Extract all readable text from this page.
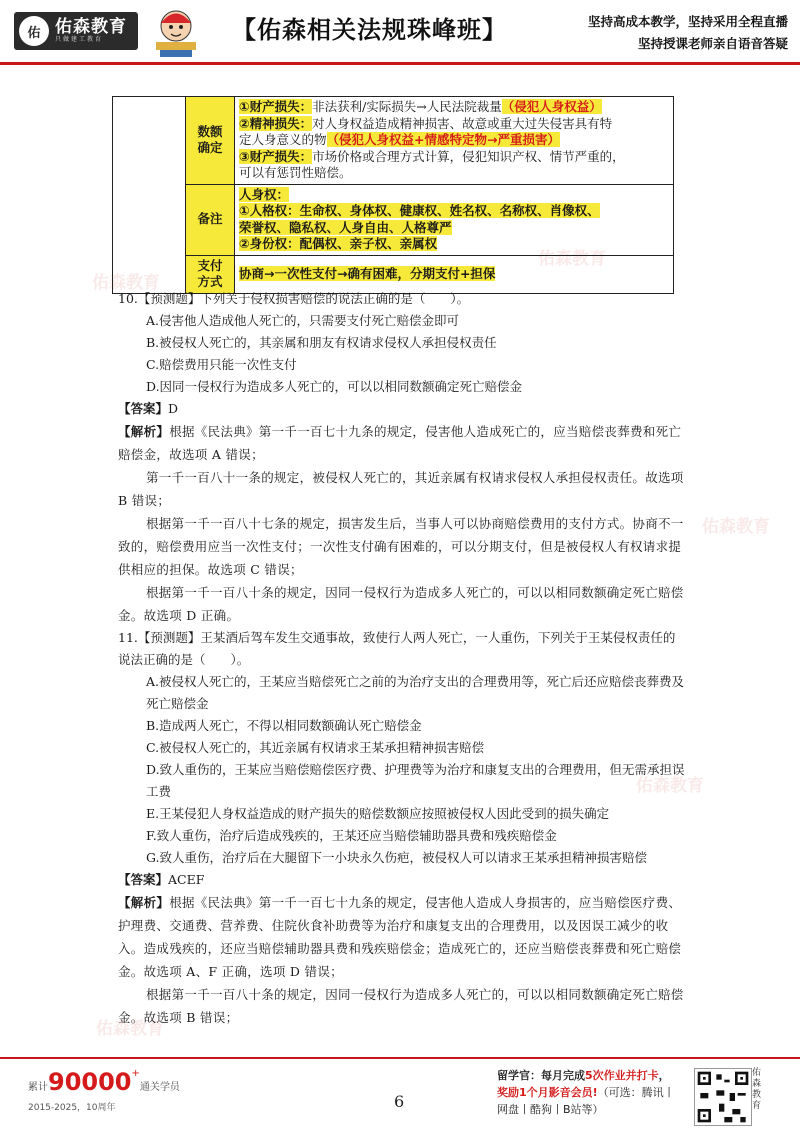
佑 佑森教育
只做建工教育	【佑森相关法规珠峰班】	坚持高成本教学，坚持采用全程直播
坚持授课老师亲自语音答疑
佑森教育
佑森教育
佑森教育
佑森教育
佑森教育
	数额
确定	①财产损失：非法获利/实际损失→人民法院裁量（侵犯人身权益）
②精神损失：对人身权益造成精神损害、故意或重大过失侵害具有特
定人身意义的物（侵犯人身权益+情感特定物→严重损害）
③财产损失：市场价格或合理方式计算，侵犯知识产权、情节严重的，
可以有惩罚性赔偿。

	备注	人身权：
①人格权：生命权、身体权、健康权、姓名权、名称权、肖像权、
荣誉权、隐私权、人身自由、人格尊严
②身份权：配偶权、亲子权、亲属权

	支付
方式	协商→一次性支付→确有困难，分期支付+担保

10.【预测题】下列关于侵权损害赔偿的说法正确的是（　　）。

A.侵害他人造成他人死亡的，只需要支付死亡赔偿金即可

B.被侵权人死亡的，其亲属和朋友有权请求侵权人承担侵权责任

C.赔偿费用只能一次性支付

D.因同一侵权行为造成多人死亡的，可以以相同数额确定死亡赔偿金

【答案】D

【解析】根据《民法典》第一千一百七十九条的规定，侵害他人造成死亡的，应当赔偿丧葬费和死亡赔偿金，故选项 A 错误；

第一千一百八十一条的规定，被侵权人死亡的，其近亲属有权请求侵权人承担侵权责任。故选项 B 错误；

根据第一千一百八十七条的规定，损害发生后，当事人可以协商赔偿费用的支付方式。协商不一致的，赔偿费用应当一次性支付；一次性支付确有困难的，可以分期支付，但是被侵权人有权请求提供相应的担保。故选项 C 错误；

根据第一千一百八十条的规定，因同一侵权行为造成多人死亡的，可以以相同数额确定死亡赔偿金。故选项 D 正确。

11.【预测题】王某酒后驾车发生交通事故，致使行人两人死亡，一人重伤，下列关于王某侵权责任的说法正确的是（　　）。

A.被侵权人死亡的，王某应当赔偿死亡之前的为治疗支出的合理费用等，死亡后还应赔偿丧葬费及死亡赔偿金

B.造成两人死亡，不得以相同数额确认死亡赔偿金

C.被侵权人死亡的，其近亲属有权请求王某承担精神损害赔偿

D.致人重伤的，王某应当赔偿赔偿医疗费、护理费等为治疗和康复支出的合理费用，但无需承担误工费

E.王某侵犯人身权益造成的财产损失的赔偿数额应按照被侵权人因此受到的损失确定

F.致人重伤，治疗后造成残疾的，王某还应当赔偿辅助器具费和残疾赔偿金

G.致人重伤，治疗后在大腿留下一小块永久伤疤，被侵权人可以请求王某承担精神损害赔偿

【答案】ACEF

【解析】根据《民法典》第一千一百七十九条的规定，侵害他人造成人身损害的，应当赔偿医疗费、护理费、交通费、营养费、住院伙食补助费等为治疗和康复支出的合理费用，以及因误工减少的收入。造成残疾的，还应当赔偿辅助器具费和残疾赔偿金；造成死亡的，还应当赔偿丧葬费和死亡赔偿金。故选项 A、F 正确，选项 D 错误；

根据第一千一百八十条的规定，因同一侵权行为造成多人死亡的，可以以相同数额确定死亡赔偿金。故选项 B 错误；

累计90000+通关学员
2015-2025，10周年	6
留学官：每月完成5次作业并打卡，
奖励1个月影音会员!（可选：腾讯丨
网盘丨酷狗丨B站等）
佑森教育
